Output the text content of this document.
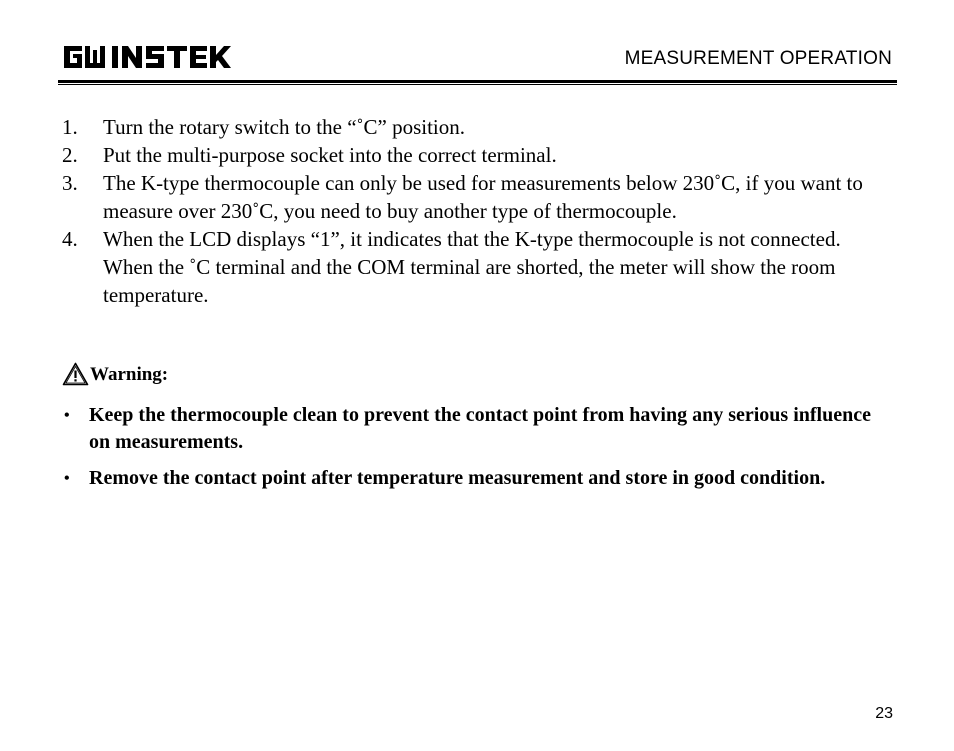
MEASUREMENT OPERATION
1.	Turn the rotary switch to the “˚C” position.
2.	Put the multi-purpose socket into the correct terminal.
3.	The K-type thermocouple can only be used for measurements below 230˚C, if you want to measure over 230˚C, you need to buy another type of thermocouple.
4.	When the LCD displays “1”, it indicates that the K-type thermocouple is not connected. When the ˚C terminal and the COM terminal are shorted, the meter will show the room temperature.
Warning:
• Keep the thermocouple clean to prevent the contact point from having any serious influence on measurements.
• Remove the contact point after temperature measurement and store in good condition.
23
